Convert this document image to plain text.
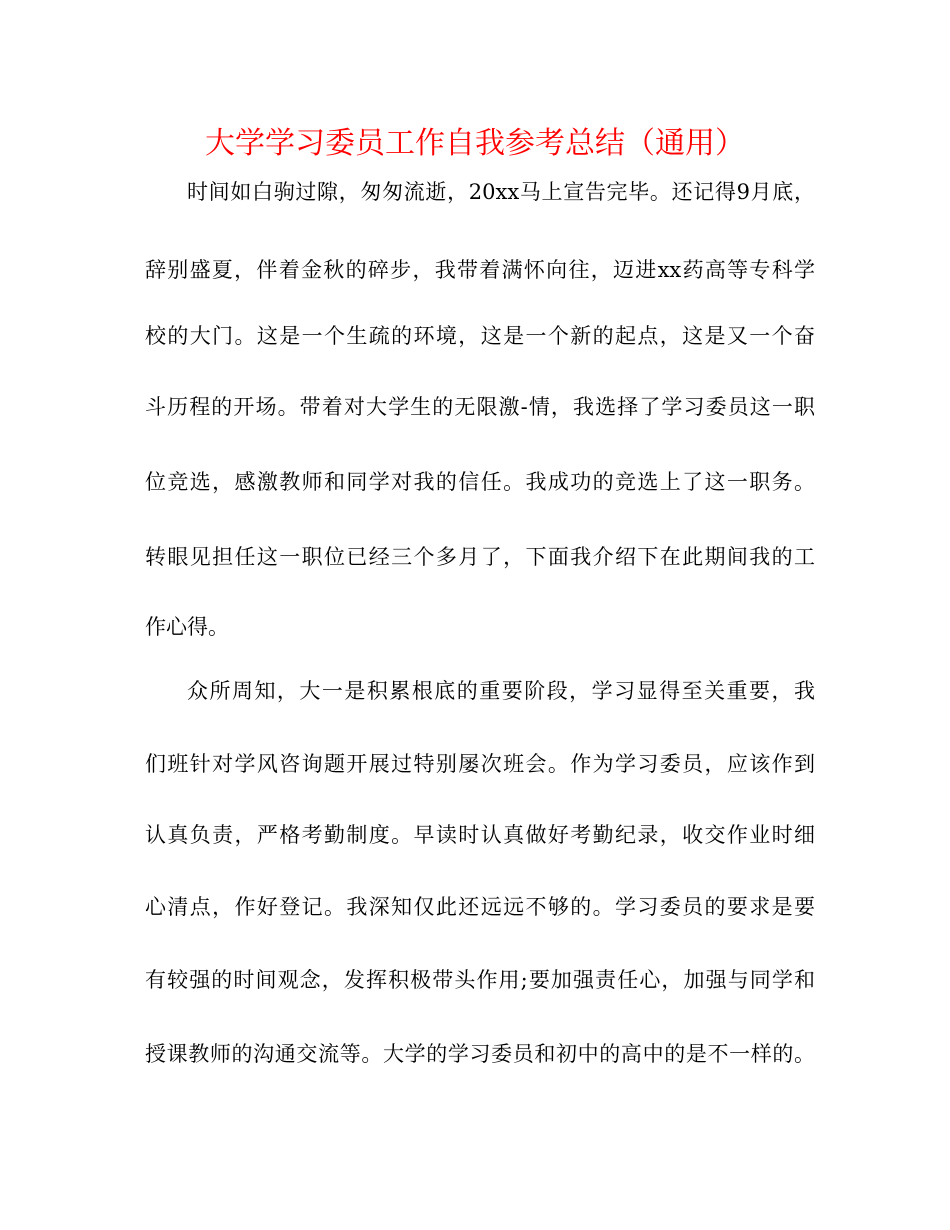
大学学习委员工作自我参考总结（通用）
时间如白驹过隙，匆匆流逝，20xx马上宣告完毕。还记得9月底，
辞别盛夏，伴着金秋的碎步，我带着满怀向往，迈进xx药高等专科学
校的大门。这是一个生疏的环境，这是一个新的起点，这是又一个奋
斗历程的开场。带着对大学生的无限激-情，我选择了学习委员这一职
位竞选，感激教师和同学对我的信任。我成功的竞选上了这一职务。
转眼见担任这一职位已经三个多月了，下面我介绍下在此期间我的工
作心得。
众所周知，大一是积累根底的重要阶段，学习显得至关重要，我
们班针对学风咨询题开展过特别屡次班会。作为学习委员，应该作到
认真负责，严格考勤制度。早读时认真做好考勤纪录，收交作业时细
心清点，作好登记。我深知仅此还远远不够的。学习委员的要求是要
有较强的时间观念，发挥积极带头作用;要加强责任心，加强与同学和
授课教师的沟通交流等。大学的学习委员和初中的高中的是不一样的。
